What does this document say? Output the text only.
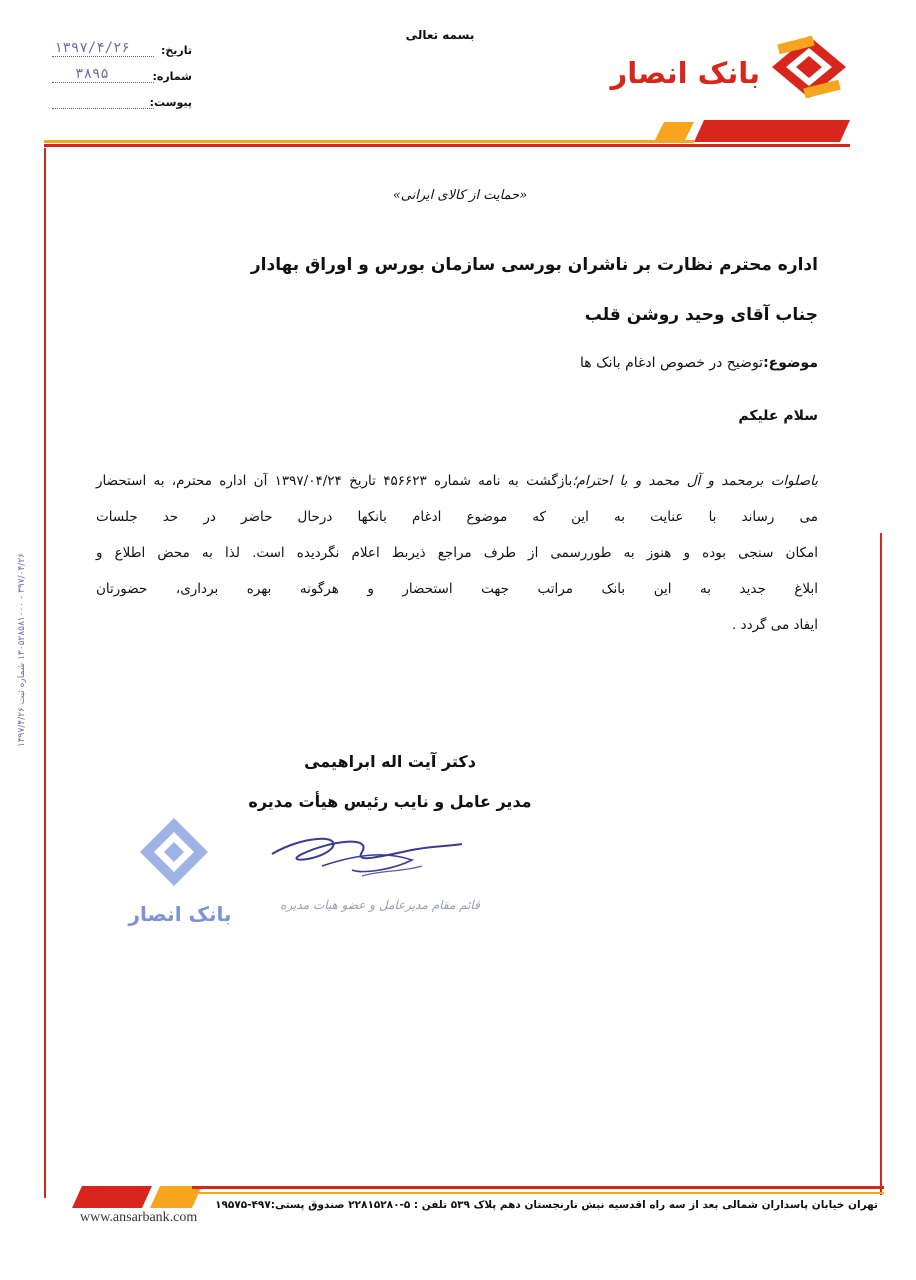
بسمه تعالی
بانک انصار
تاریخ:
۱۳۹۷/۴/۲۶
شماره:
۳۸۹۵
پیوست:
«حمایت از کالای ایرانی»
اداره محترم نظارت بر ناشران بورسی سازمان بورس و اوراق بهادار
جناب آقای وحید روشن قلب
موضوع:توضیح در خصوص ادغام بانک ها
سلام علیکم
باصلوات برمحمد و آل محمد و با احترام؛بازگشت به نامه شماره ۴۵۶۶۲۳ تاریخ ۱۳۹۷/۰۴/۲۴ آن اداره محترم، به استحضار
می رساند با عنایت به این که موضوع ادغام بانکها درحال حاضر در حد جلسات
امکان سنجی بوده و هنوز به طوررسمی از طرف مراجع ذیربط اعلام نگردیده است. لذا به محض اطلاع و
ابلاغ جدید به این بانک مراتب جهت استحضار و هرگونه بهره برداری، حضورتان
ایفاد می گردد .
دکتر آیت اله ابراهیمی
مدیر عامل و نایب رئیس هیأت مدیره
قائم مقام مدیرعامل و عضو هیات مدیره
بانک انصار
۳۹۷/۰۴/۲۶ - ۱۳۰۵۲۸۵۸۱۰۰۰ شماره ثبت ۱۳۹۷/۴/۲۶
www.ansarbank.com
تهران خیابان پاسداران شمالی بعد از سه راه اقدسیه نبش نارنجستان دهم پلاک ۵۳۹ تلفن : ۵-۲۲۸۱۵۲۸۰ صندوق پستی:۴۹۷-۱۹۵۷۵
